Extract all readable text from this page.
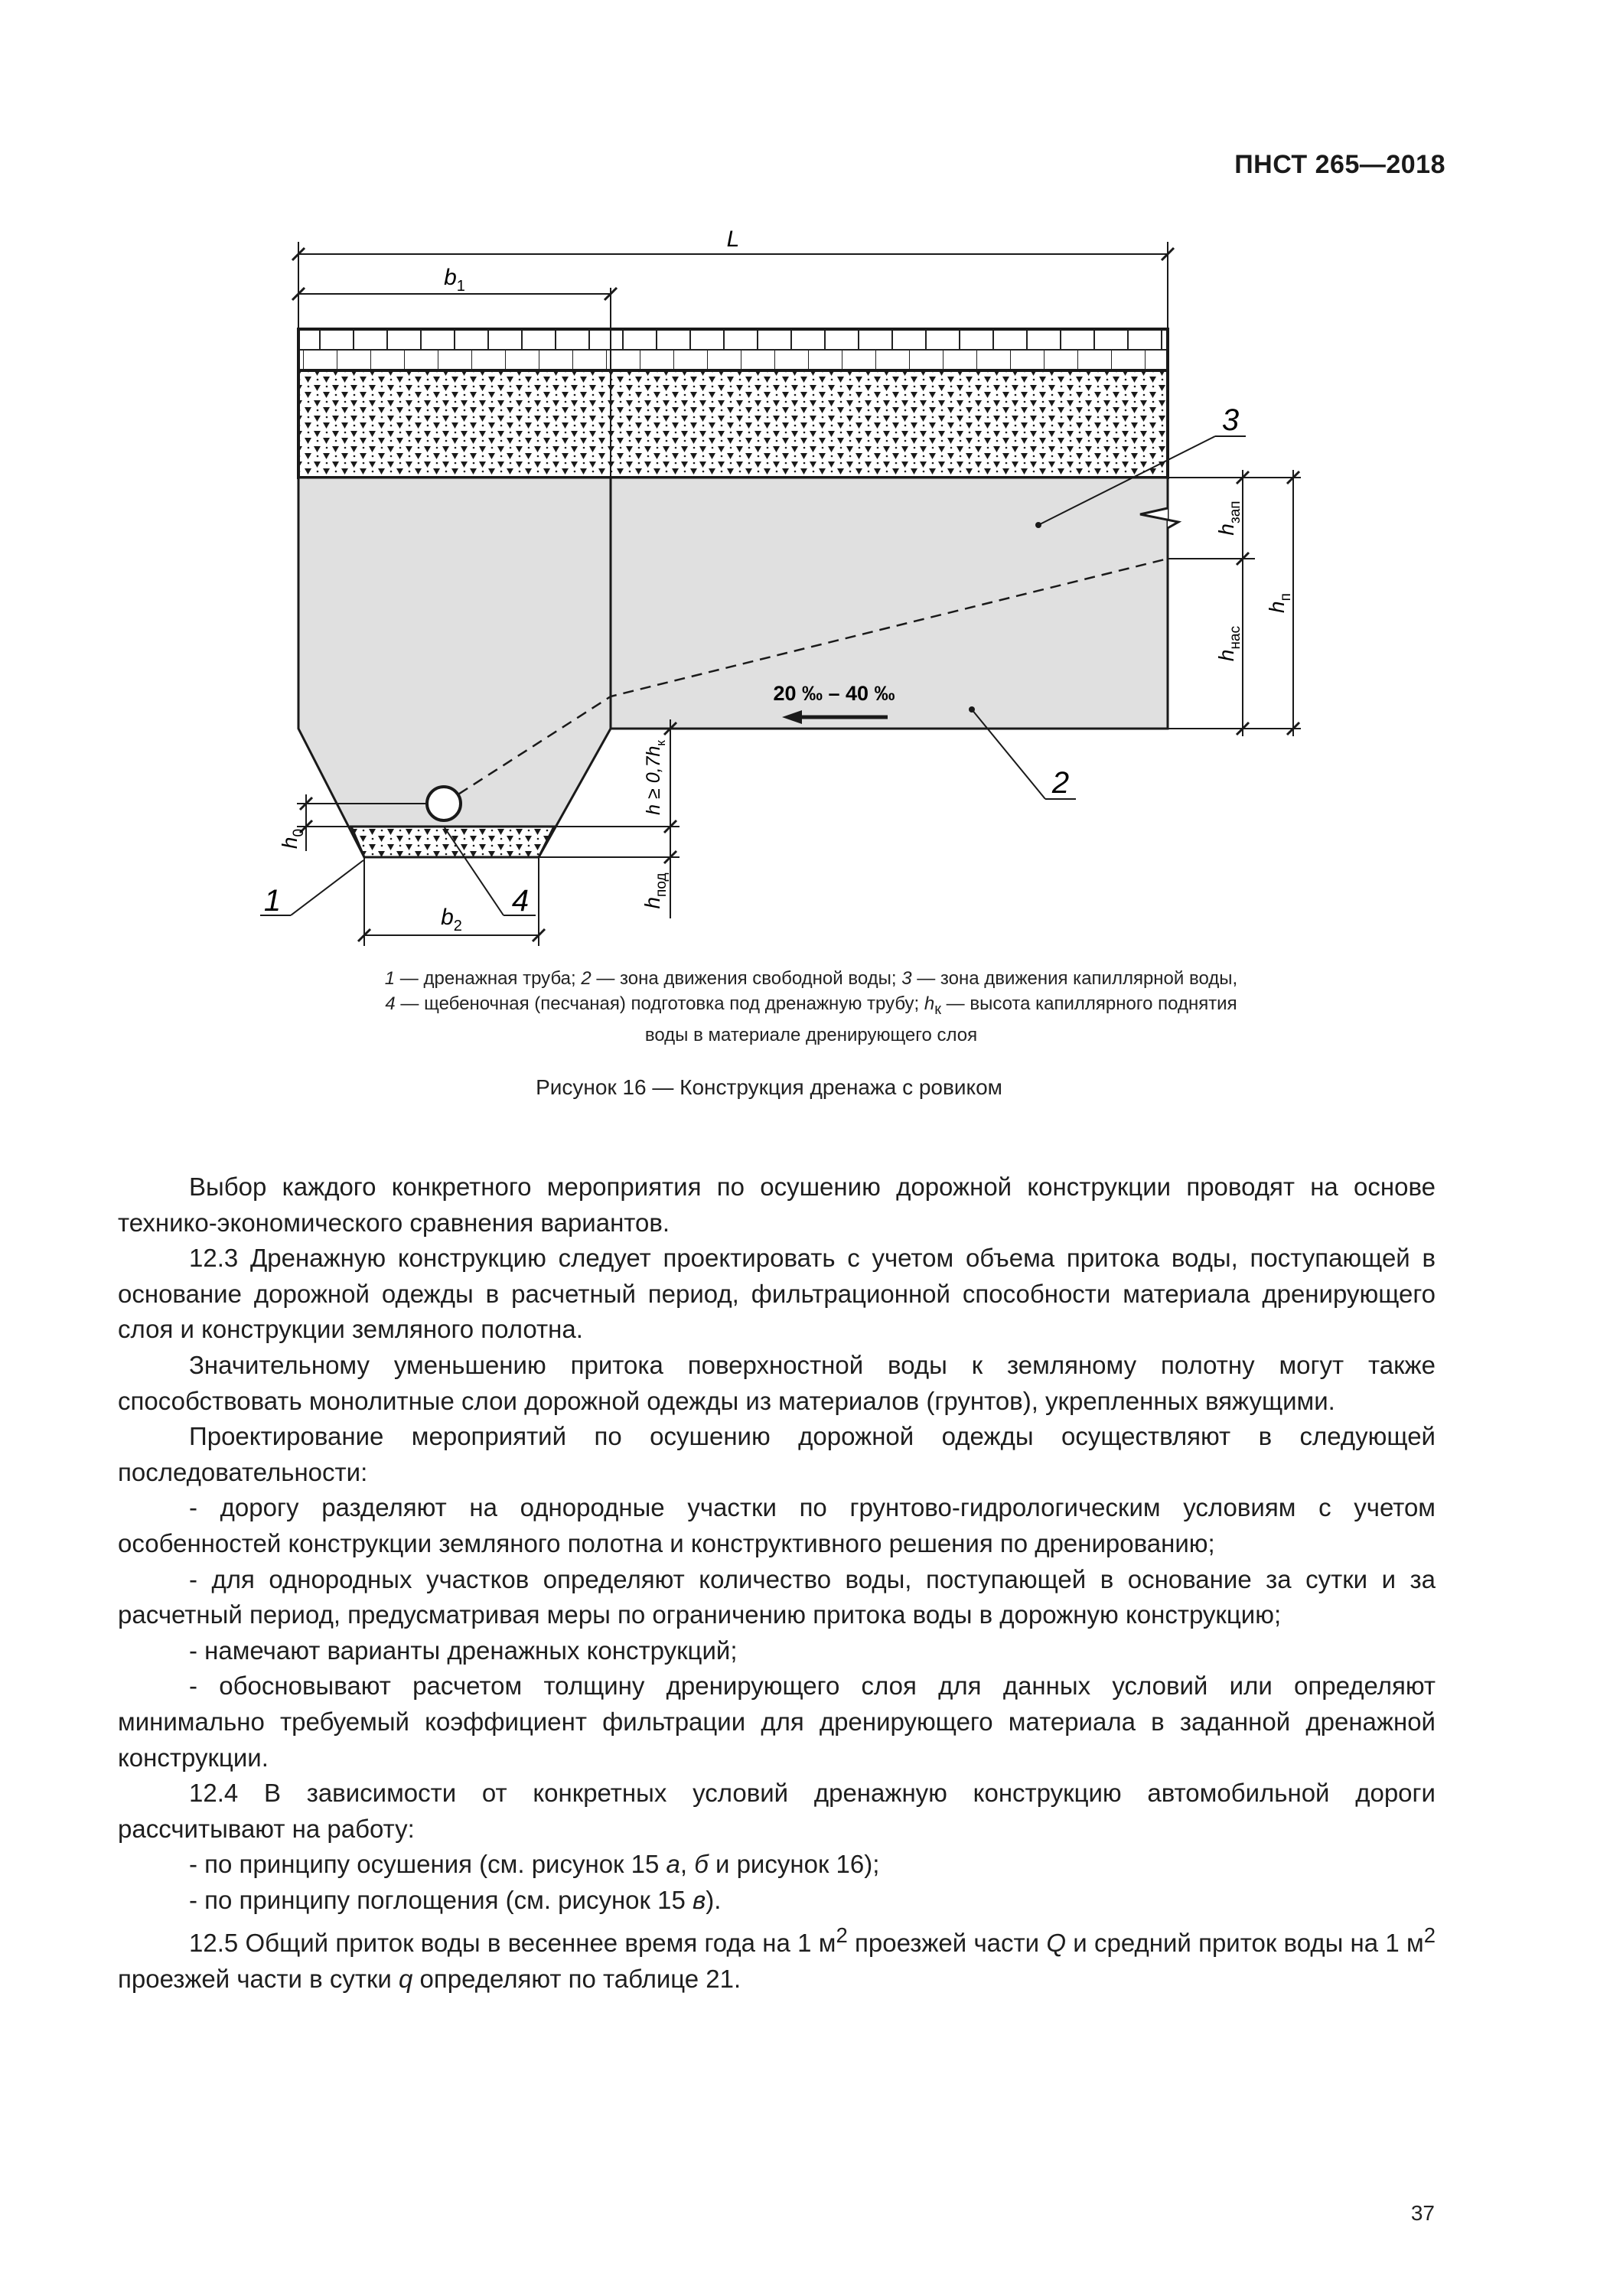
ПНСТ 265—2018
20 ‰ – 40 ‰
L
$b_1$
$b_2$
$h_{зап}$
$h_{нас}$
$h_п$
$h \ge 0,7h_к$
$h_{под}$
$h_0$
1	4
3
2
1 — дренажная труба; 2 — зона движения свободной воды; 3 — зона движения капиллярной воды,
4 — щебеночная (песчаная) подготовка под дренажную трубу; $h_к$ — высота капиллярного поднятия
воды в материале дренирующего слоя
Рисунок 16 — Конструкция дренажа с ровиком

Выбор каждого конкретного мероприятия по осушению дорожной конструкции проводят на основе технико-экономического сравнения вариантов.

12.3 Дренажную конструкцию следует проектировать с учетом объема притока воды, поступающей в основание дорожной одежды в расчетный период, фильтрационной способности материала дренирующего слоя и конструкции земляного полотна.

Значительному уменьшению притока поверхностной воды к земляному полотну могут также способствовать монолитные слои дорожной одежды из материалов (грунтов), укрепленных вяжущими.

Проектирование мероприятий по осушению дорожной одежды осуществляют в следующей последовательности:

- дорогу разделяют на однородные участки по грунтово-гидрологическим условиям с учетом особенностей конструкции земляного полотна и конструктивного решения по дренированию;

- для однородных участков определяют количество воды, поступающей в основание за сутки и за расчетный период, предусматривая меры по ограничению притока воды в дорожную конструкцию;

- намечают варианты дренажных конструкций;

- обосновывают расчетом толщину дренирующего слоя для данных условий или определяют минимально требуемый коэффициент фильтрации для дренирующего материала в заданной дренажной конструкции.

12.4 В зависимости от конкретных условий дренажную конструкцию автомобильной дороги рассчитывают на работу:

- по принципу осушения (см. рисунок 15 а, б и рисунок 16);

- по принципу поглощения (см. рисунок 15 в).

12.5 Общий приток воды в весеннее время года на 1 $м^2$ проезжей части Q и средний приток воды на 1 $м^2$ проезжей части в сутки q определяют по таблице 21.

37
